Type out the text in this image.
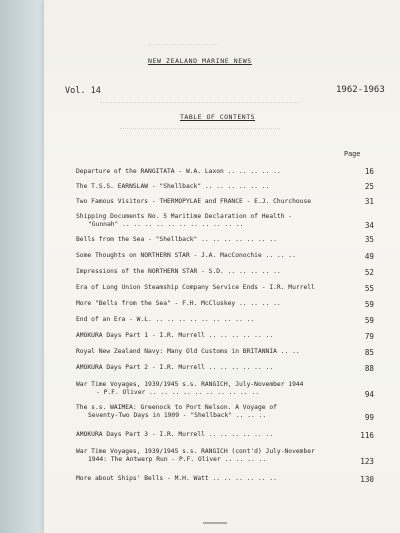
NEW ZEALAND MARINE NEWS
Vol. 14	1962-1963
TABLE OF CONTENTS
Page
Departure of the RANGITATA - W.A. Laxon .. .. .. .. ..	16
The T.S.S. EARNSLAW - "Shellback" .. .. .. .. .. ..	25
Two Famous Visitors - THERMOPYLAE and FRANCE - E.J. Churchouse	31
Shipping Documents No. 5 Maritime Declaration of Health -
"Gunnah" .. .. .. .. .. .. .. .. .. .. ..	34
Bells from the Sea - "Shellback" .. .. .. .. .. .. ..	35
Some Thoughts on NORTHERN STAR - J.A. MacConochie .. .. ..	49
Impressions of the NORTHERN STAR - S.D. .. .. .. .. ..	52
Era of Long Union Steamship Company Service Ends - I.R. Murrell	55
More "Bells from the Sea" - F.H. McCluskey .. .. .. ..	59
End of an Era - W.L. .. .. .. .. .. .. .. .. ..	59
AMOKURA Days Part 1 - I.R. Murrell .. .. .. .. .. ..	79
Royal New Zealand Navy: Many Old Customs in BRITANNIA .. ..	85
AMOKURA Days Part 2 - I.R. Murrell .. .. .. .. .. ..	88
War Time Voyages, 1939/1945 s.s. RANGICH, July-November 1944
- P.F. Oliver .. .. .. .. .. .. .. .. .. ..	94
The s.s. WAIMEA: Greenock to Port Nelson. A Voyage of
Seventy-Two Days in 1909 - "Shellback" .. .. ..	99
AMOKURA Days Part 3 - I.R. Murrell .. .. .. .. .. ..	116
War Time Voyages, 1939/1945 s.s. RANGICH (cont'd) July-November
1944: The Antwerp Run - P.F. Oliver .. .. .. ..	123
More about Ships' Bells - M.H. Watt .. .. .. .. .. ..	130
